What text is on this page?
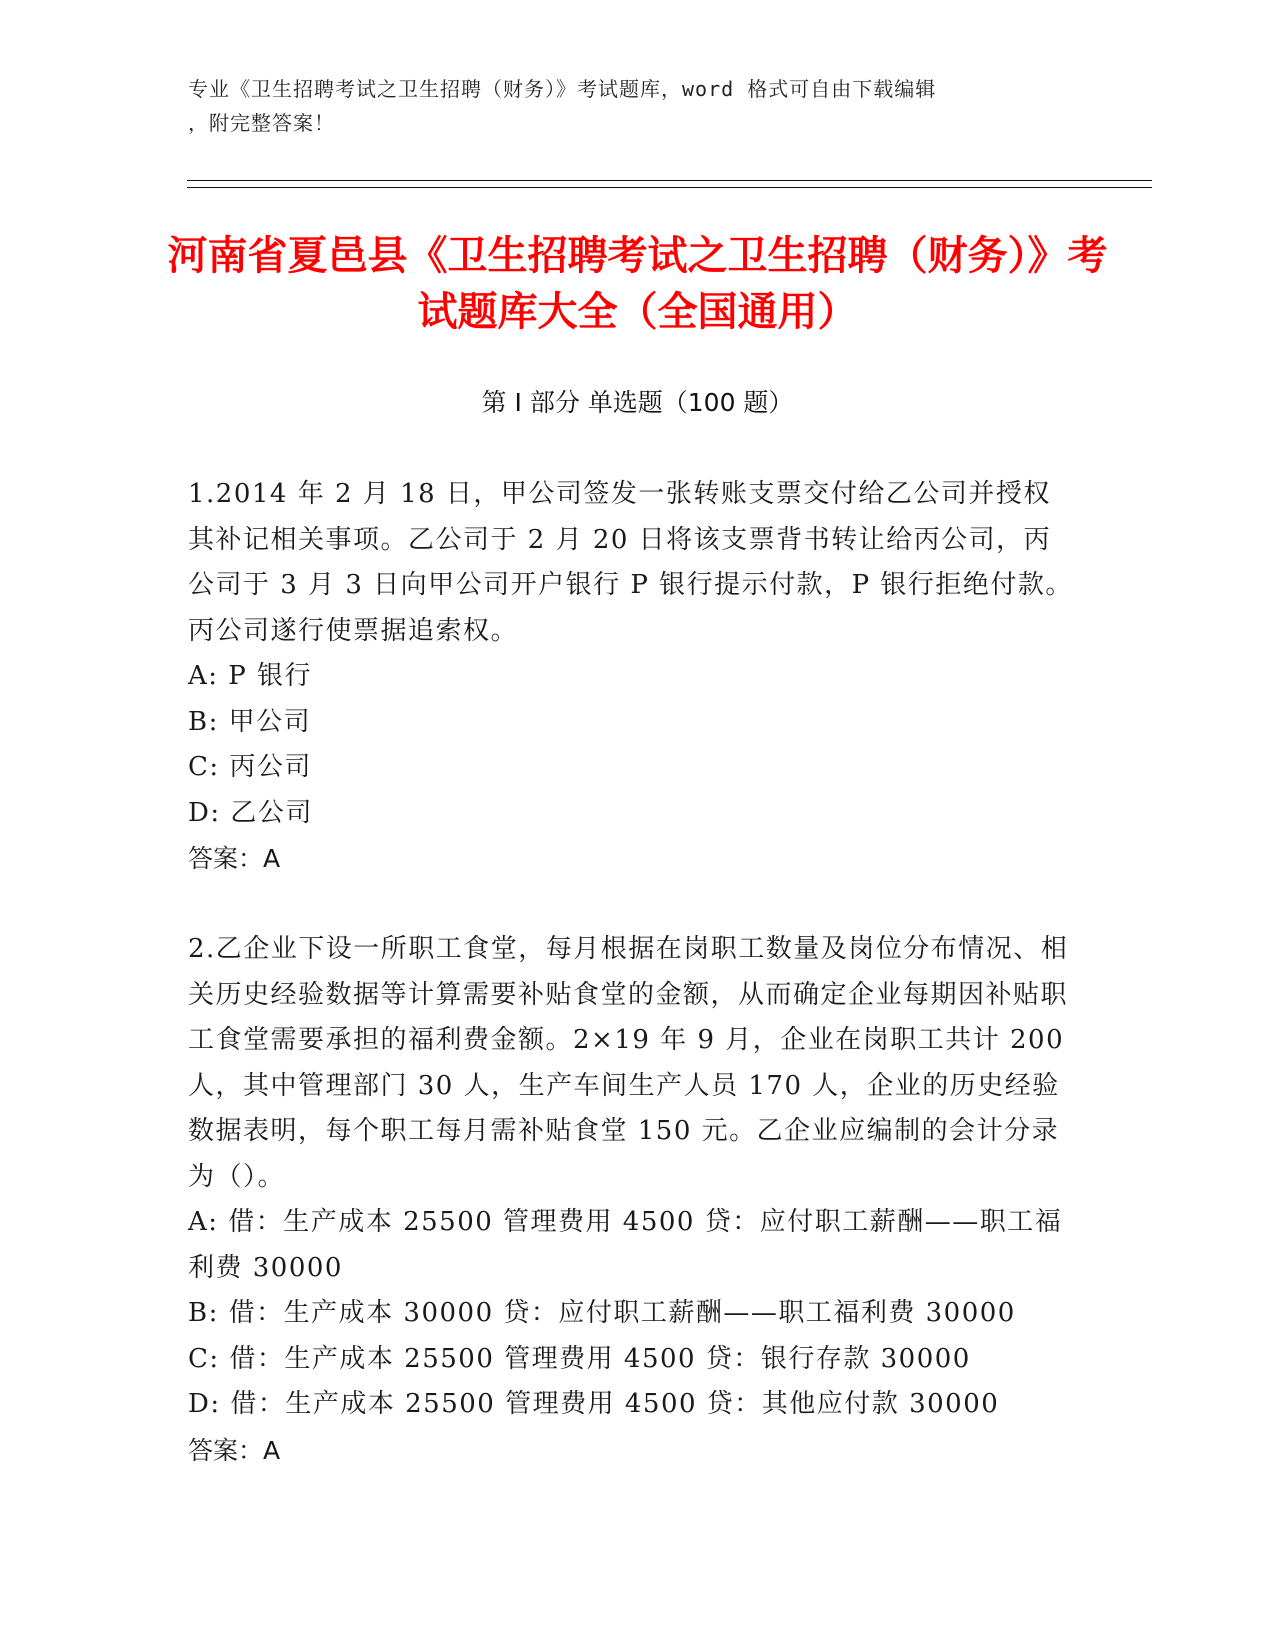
专业《卫生招聘考试之卫生招聘（财务）》考试题库，word 格式可自由下载编辑
，附完整答案！
河南省夏邑县《卫生招聘考试之卫生招聘（财务）》考试题库大全（全国通用）
第 I 部分 单选题（100 题）
1.2014 年 2 月 18 日，甲公司签发一张转账支票交付给乙公司并授权其补记相关事项。乙公司于 2 月 20 日将该支票背书转让给丙公司，丙公司于 3 月 3 日向甲公司开户银行 P 银行提示付款，P 银行拒绝付款。丙公司遂行使票据追索权。
A: P 银行
B: 甲公司
C: 丙公司
D: 乙公司
答案：A
2.乙企业下设一所职工食堂，每月根据在岗职工数量及岗位分布情况、相关历史经验数据等计算需要补贴食堂的金额，从而确定企业每期因补贴职工食堂需要承担的福利费金额。2×19 年 9 月，企业在岗职工共计 200 人，其中管理部门 30 人，生产车间生产人员 170 人，企业的历史经验数据表明，每个职工每月需补贴食堂 150 元。乙企业应编制的会计分录为（）。
A: 借：生产成本 25500 管理费用 4500 贷：应付职工薪酬——职工福利费 30000
B: 借：生产成本 30000 贷：应付职工薪酬——职工福利费 30000
C: 借：生产成本 25500 管理费用 4500 贷：银行存款 30000
D: 借：生产成本 25500 管理费用 4500 贷：其他应付款 30000
答案：A
